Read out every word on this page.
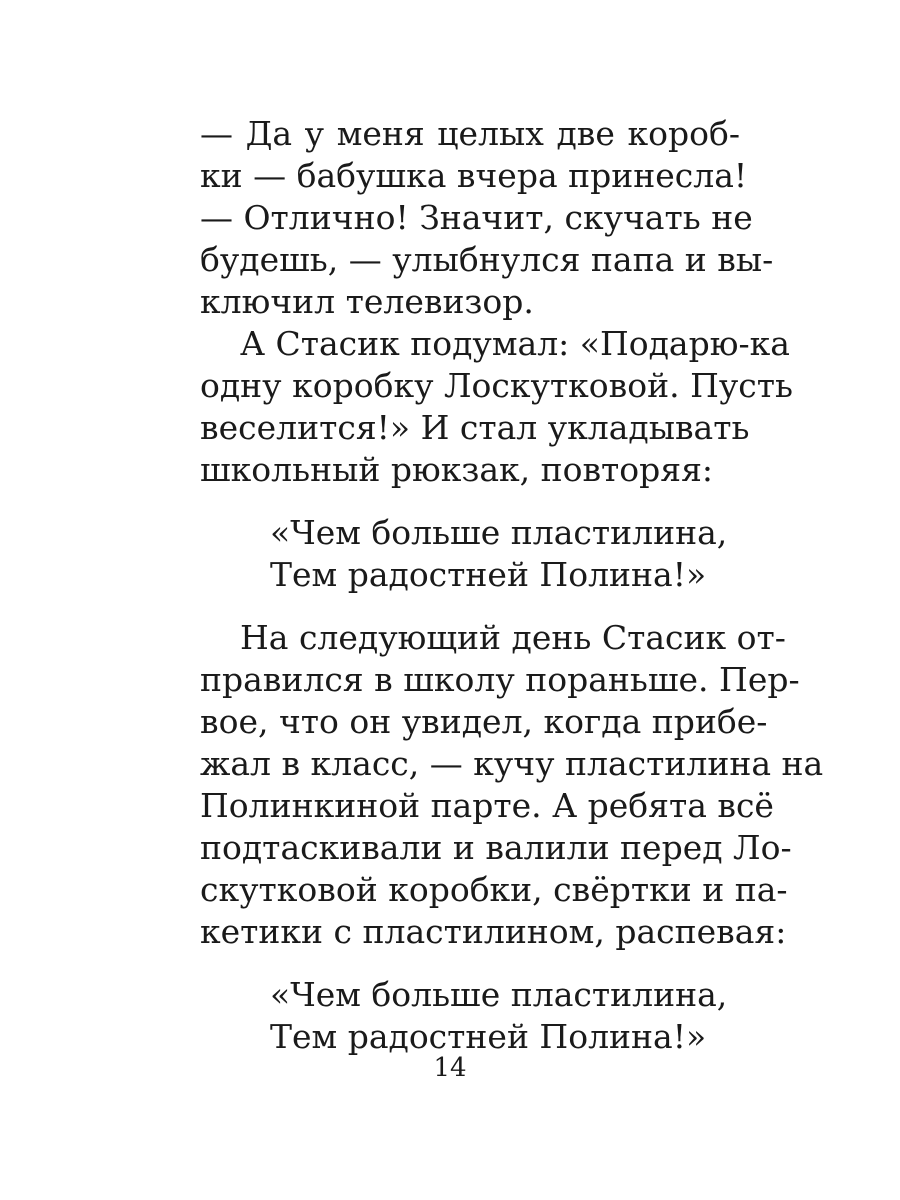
— Да у меня целых две короб-
ки — бабушка вчера принесла!
— Отлично! Значит, скучать не
будешь, — улыбнулся папа и вы-
ключил телевизор.
А Стасик подумал: «Подарю-ка
одну коробку Лоскутковой. Пусть
веселится!» И стал укладывать
школьный рюкзак, повторяя:
«Чем больше пластилина,
Тем радостней Полина!»
На следующий день Стасик от-
правился в школу пораньше. Пер-
вое, что он увидел, когда прибе-
жал в класс, — кучу пластилина на
Полинкиной парте. А ребята всё
подтаскивали и валили перед Ло-
скутковой коробки, свёртки и па-
кетики с пластилином, распевая:
«Чем больше пластилина,
Тем радостней Полина!»
14
